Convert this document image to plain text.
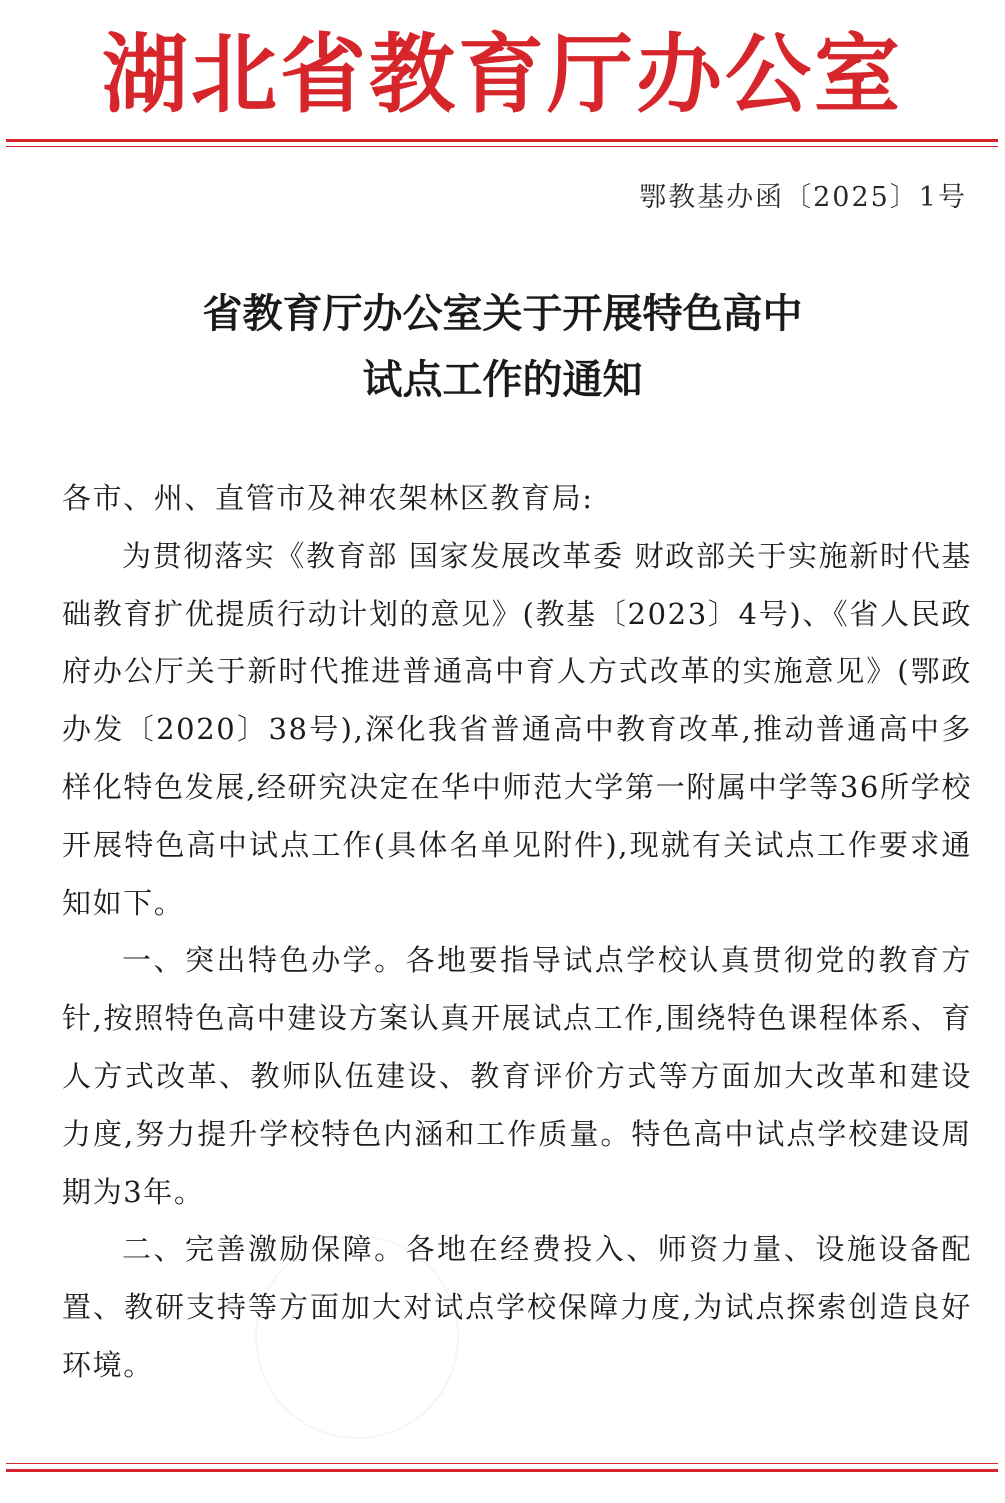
湖北省教育厅办公室
鄂教基办函〔2025〕1号
省教育厅办公室关于开展特色高中
试点工作的通知

各市、州、直管市及神农架林区教育局:

为贯彻落实《教育部 国家发展改革委 财政部关于实施新时代基础教育扩优提质行动计划的意见》(教基〔2023〕4号)、《省人民政府办公厅关于新时代推进普通高中育人方式改革的实施意见》(鄂政办发〔2020〕38号),深化我省普通高中教育改革,推动普通高中多样化特色发展,经研究决定在华中师范大学第一附属中学等36所学校开展特色高中试点工作(具体名单见附件),现就有关试点工作要求通知如下。

一、突出特色办学。各地要指导试点学校认真贯彻党的教育方针,按照特色高中建设方案认真开展试点工作,围绕特色课程体系、育人方式改革、教师队伍建设、教育评价方式等方面加大改革和建设力度,努力提升学校特色内涵和工作质量。特色高中试点学校建设周期为3年。

二、完善激励保障。各地在经费投入、师资力量、设施设备配置、教研支持等方面加大对试点学校保障力度,为试点探索创造良好环境。
